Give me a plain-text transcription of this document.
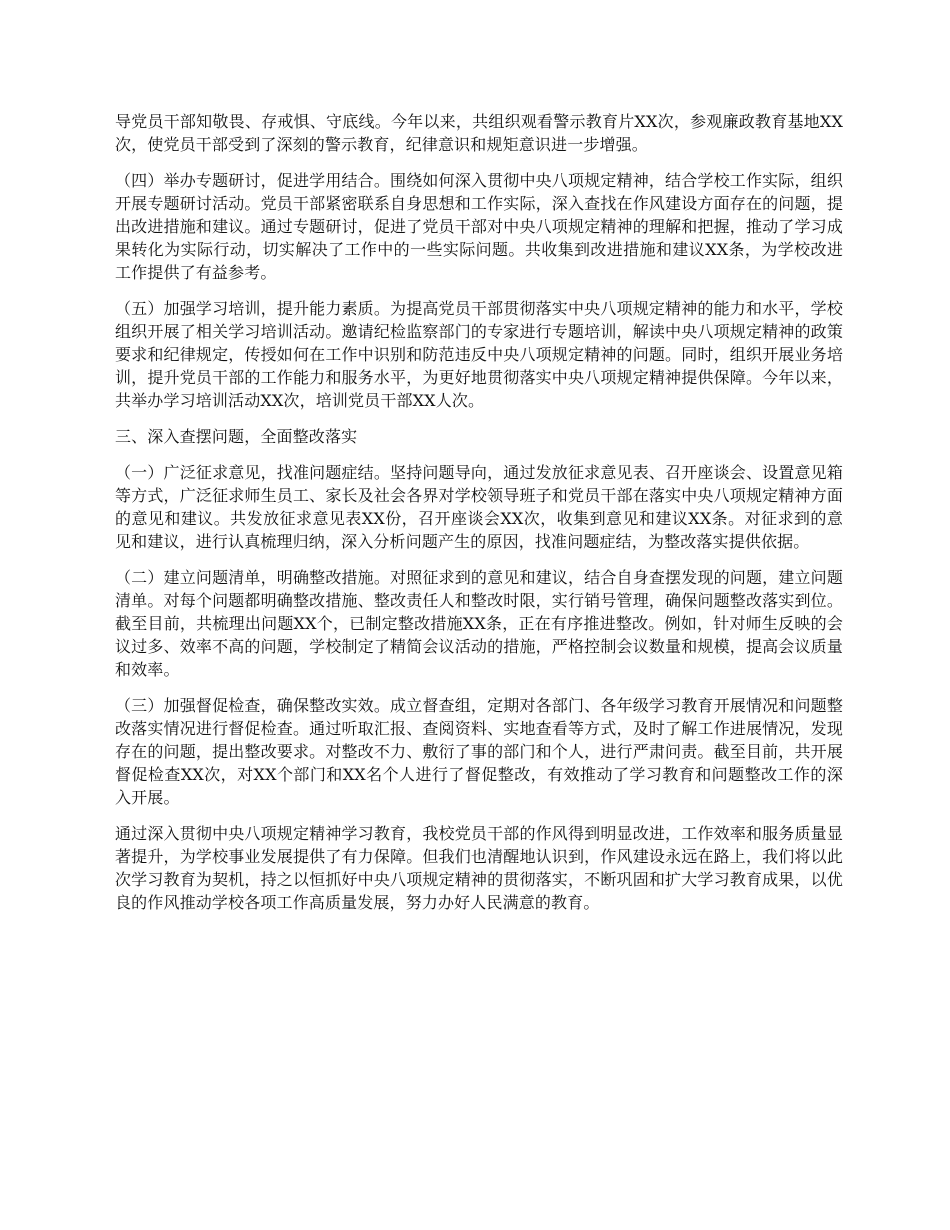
导党员干部知敬畏、存戒惧、守底线。今年以来，共组织观看警示教育片XX次，参观廉政教育基地XX次，使党员干部受到了深刻的警示教育，纪律意识和规矩意识进一步增强。

（四）举办专题研讨，促进学用结合。围绕如何深入贯彻中央八项规定精神，结合学校工作实际，组织开展专题研讨活动。党员干部紧密联系自身思想和工作实际，深入查找在作风建设方面存在的问题，提出改进措施和建议。通过专题研讨，促进了党员干部对中央八项规定精神的理解和把握，推动了学习成果转化为实际行动，切实解决了工作中的一些实际问题。共收集到改进措施和建议XX条，为学校改进工作提供了有益参考。

（五）加强学习培训，提升能力素质。为提高党员干部贯彻落实中央八项规定精神的能力和水平，学校组织开展了相关学习培训活动。邀请纪检监察部门的专家进行专题培训，解读中央八项规定精神的政策要求和纪律规定，传授如何在工作中识别和防范违反中央八项规定精神的问题。同时，组织开展业务培训，提升党员干部的工作能力和服务水平，为更好地贯彻落实中央八项规定精神提供保障。今年以来，共举办学习培训活动XX次，培训党员干部XX人次。

三、深入查摆问题，全面整改落实

（一）广泛征求意见，找准问题症结。坚持问题导向，通过发放征求意见表、召开座谈会、设置意见箱等方式，广泛征求师生员工、家长及社会各界对学校领导班子和党员干部在落实中央八项规定精神方面的意见和建议。共发放征求意见表XX份，召开座谈会XX次，收集到意见和建议XX条。对征求到的意见和建议，进行认真梳理归纳，深入分析问题产生的原因，找准问题症结，为整改落实提供依据。

（二）建立问题清单，明确整改措施。对照征求到的意见和建议，结合自身查摆发现的问题，建立问题清单。对每个问题都明确整改措施、整改责任人和整改时限，实行销号管理，确保问题整改落实到位。截至目前，共梳理出问题XX个，已制定整改措施XX条，正在有序推进整改。例如，针对师生反映的会议过多、效率不高的问题，学校制定了精简会议活动的措施，严格控制会议数量和规模，提高会议质量和效率。

（三）加强督促检查，确保整改实效。成立督查组，定期对各部门、各年级学习教育开展情况和问题整改落实情况进行督促检查。通过听取汇报、查阅资料、实地查看等方式，及时了解工作进展情况，发现存在的问题，提出整改要求。对整改不力、敷衍了事的部门和个人，进行严肃问责。截至目前，共开展督促检查XX次，对XX个部门和XX名个人进行了督促整改，有效推动了学习教育和问题整改工作的深入开展。

通过深入贯彻中央八项规定精神学习教育，我校党员干部的作风得到明显改进，工作效率和服务质量显著提升，为学校事业发展提供了有力保障。但我们也清醒地认识到，作风建设永远在路上，我们将以此次学习教育为契机，持之以恒抓好中央八项规定精神的贯彻落实，不断巩固和扩大学习教育成果，以优良的作风推动学校各项工作高质量发展，努力办好人民满意的教育。
